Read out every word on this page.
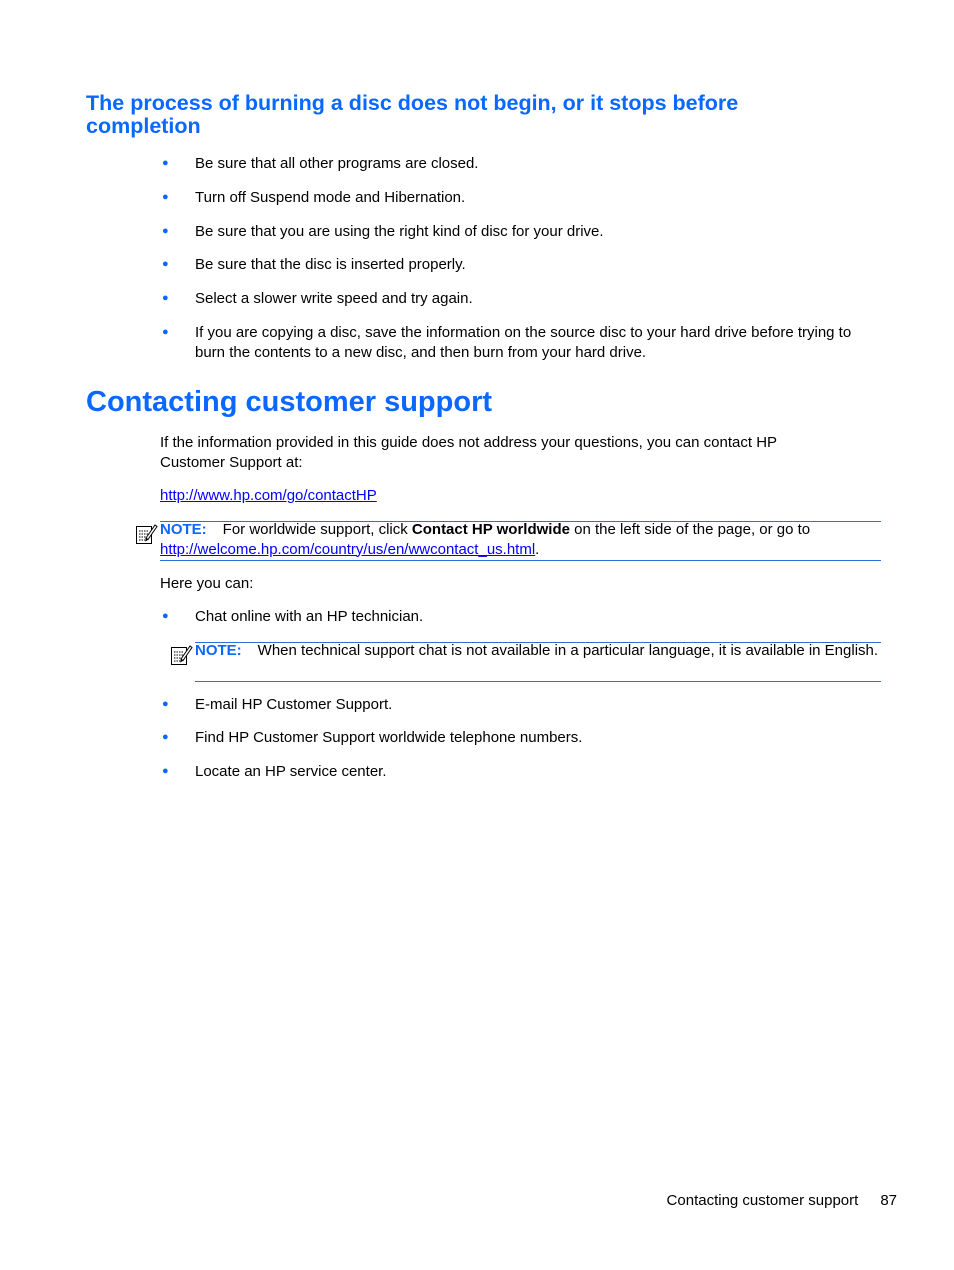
The process of burning a disc does not begin, or it stops before completion
● Be sure that all other programs are closed.
● Turn off Suspend mode and Hibernation.
● Be sure that you are using the right kind of disc for your drive.
● Be sure that the disc is inserted properly.
● Select a slower write speed and try again.
● If you are copying a disc, save the information on the source disc to your hard drive before trying to burn the contents to a new disc, and then burn from your hard drive.
Contacting customer support
If the information provided in this guide does not address your questions, you can contact HP Customer Support at:
http://www.hp.com/go/contactHP
NOTE: For worldwide support, click Contact HP worldwide on the left side of the page, or go to http://welcome.hp.com/country/us/en/wwcontact_us.html.
Here you can:
● Chat online with an HP technician.
NOTE: When technical support chat is not available in a particular language, it is available in English.
● E-mail HP Customer Support.
● Find HP Customer Support worldwide telephone numbers.
● Locate an HP service center.
Contacting customer support 87
